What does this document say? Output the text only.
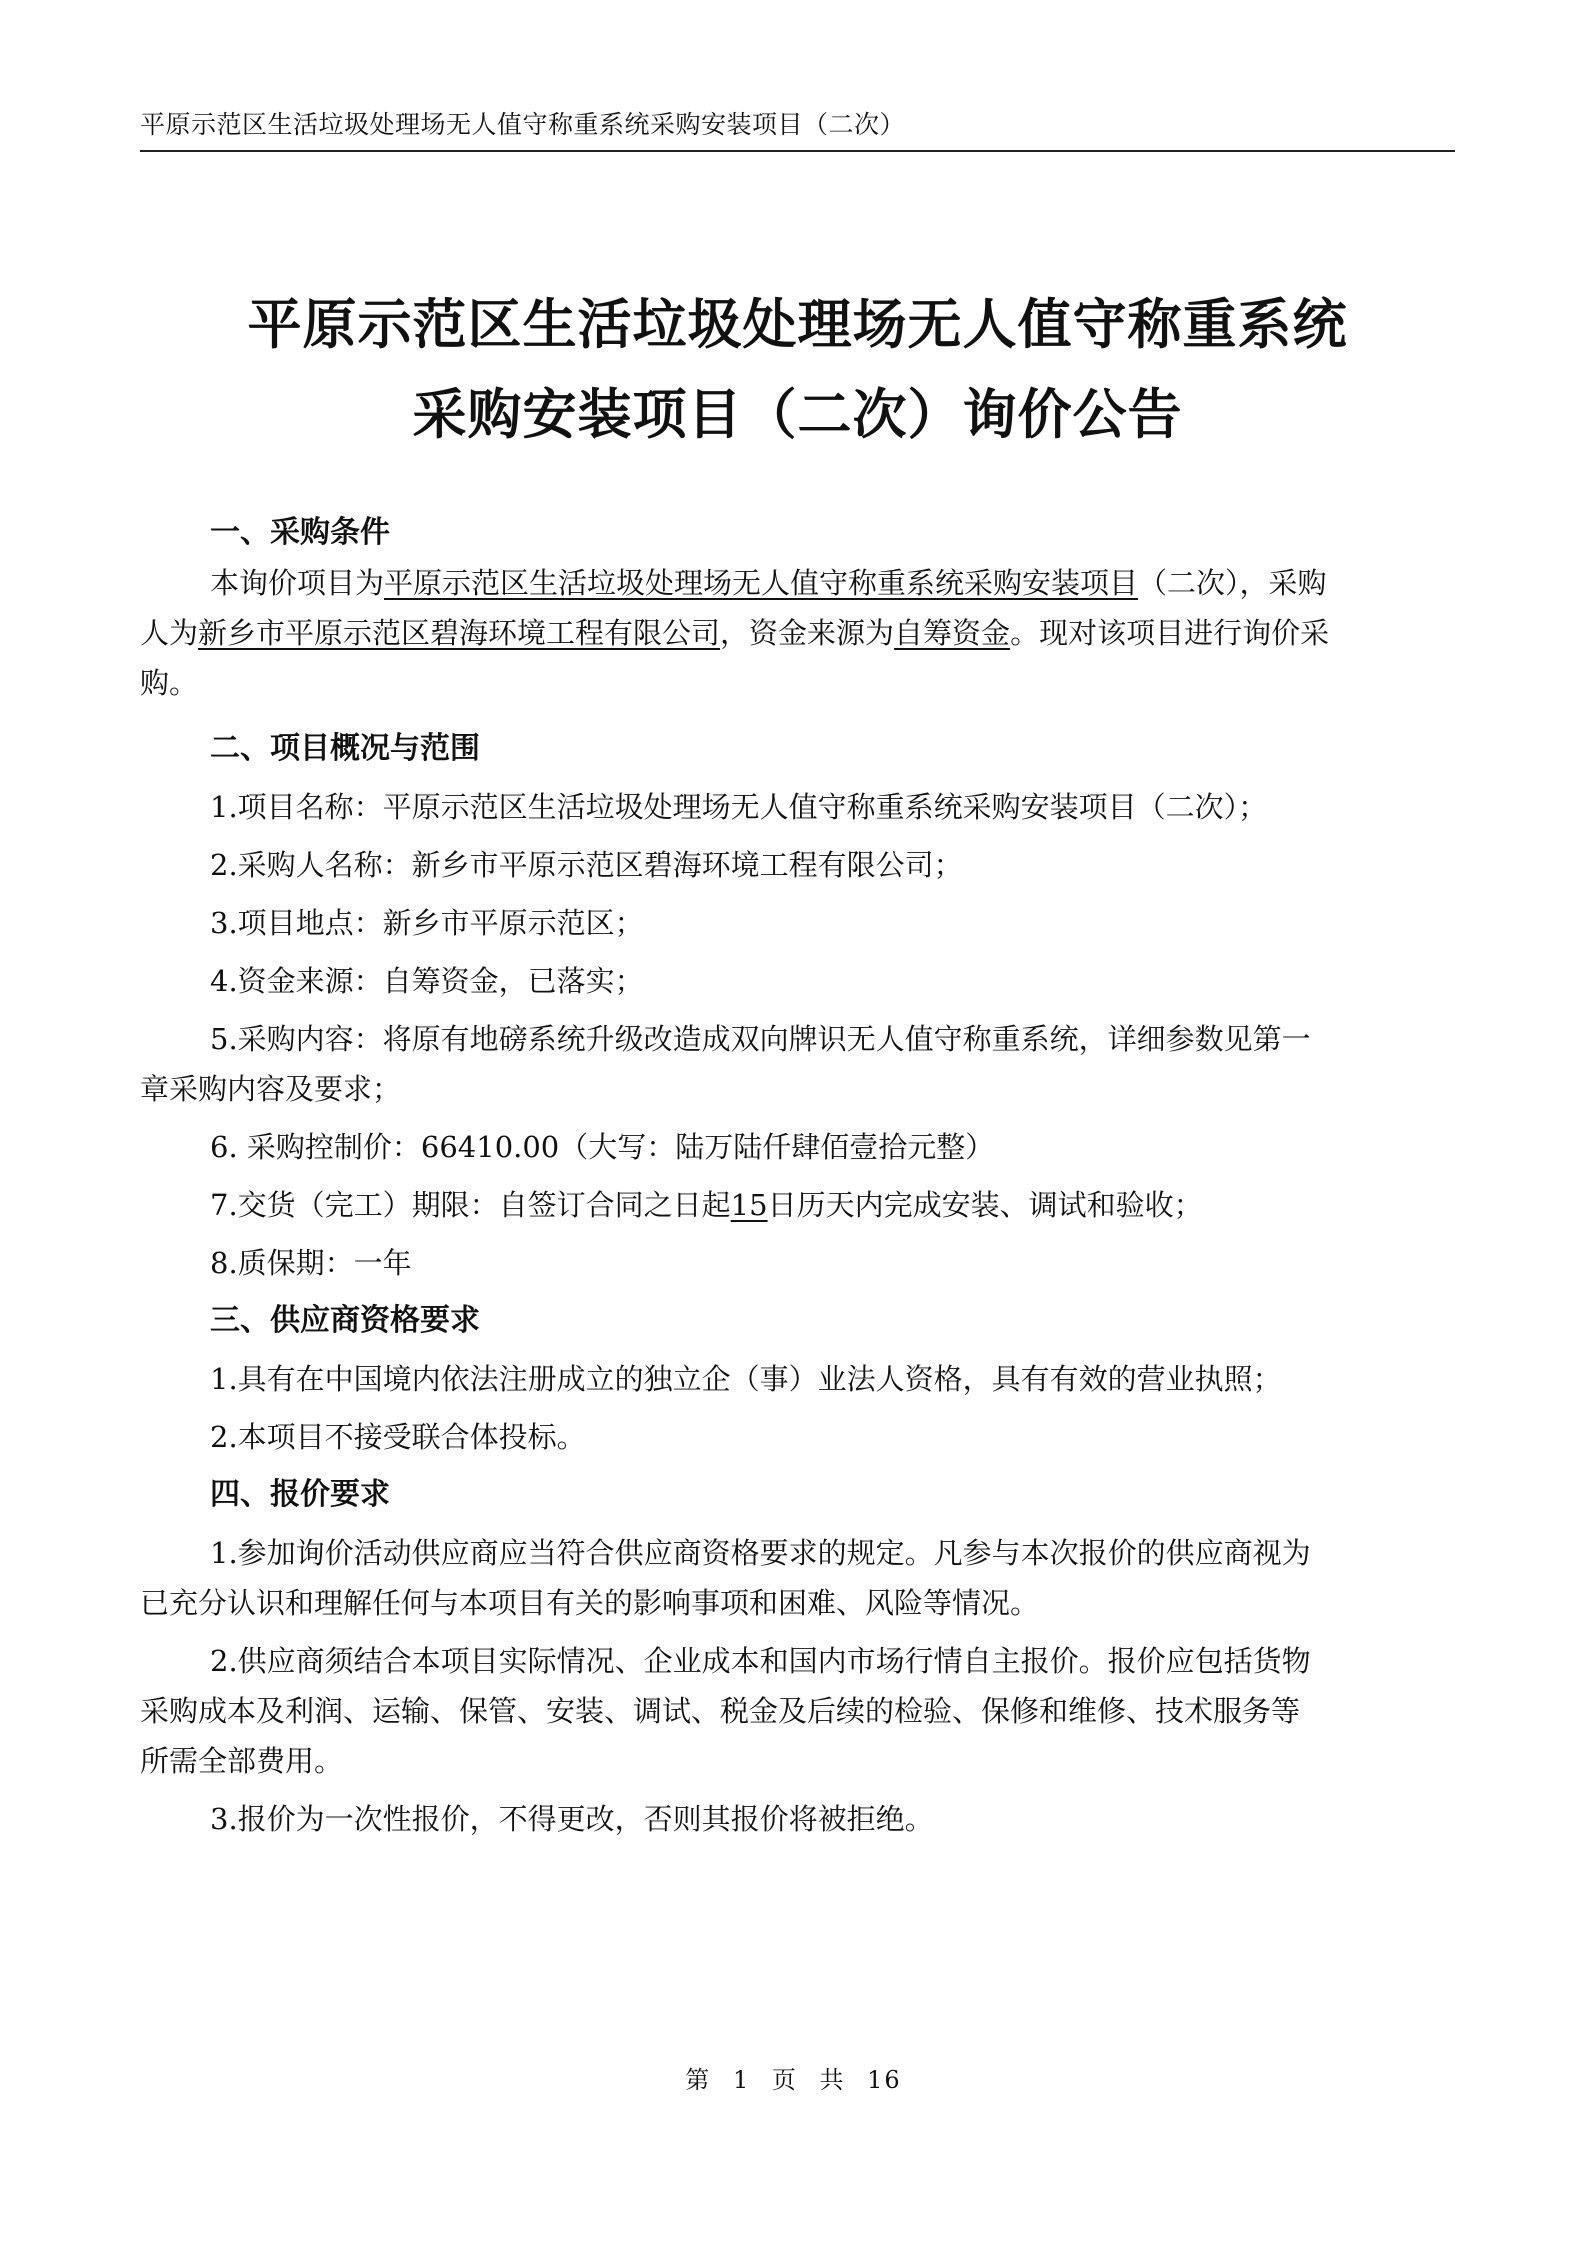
平原示范区生活垃圾处理场无人值守称重系统采购安装项目（二次）
平原示范区生活垃圾处理场无人值守称重系统
采购安装项目（二次）询价公告

一、采购条件

本询价项目为平原示范区生活垃圾处理场无人值守称重系统采购安装项目（二次），采购

人为新乡市平原示范区碧海环境工程有限公司，资金来源为自筹资金。现对该项目进行询价采

购。

二、项目概况与范围

1.项目名称：平原示范区生活垃圾处理场无人值守称重系统采购安装项目（二次）；

2.采购人名称：新乡市平原示范区碧海环境工程有限公司；

3.项目地点：新乡市平原示范区；

4.资金来源：自筹资金，已落实；

5.采购内容：将原有地磅系统升级改造成双向牌识无人值守称重系统，详细参数见第一

章采购内容及要求；

6. 采购控制价：66410.00（大写：陆万陆仟肆佰壹拾元整）

7.交货（完工）期限：自签订合同之日起15日历天内完成安装、调试和验收；

8.质保期：一年

三、供应商资格要求

1.具有在中国境内依法注册成立的独立企（事）业法人资格，具有有效的营业执照；

2.本项目不接受联合体投标。

四、报价要求

1.参加询价活动供应商应当符合供应商资格要求的规定。凡参与本次报价的供应商视为

已充分认识和理解任何与本项目有关的影响事项和困难、风险等情况。

2.供应商须结合本项目实际情况、企业成本和国内市场行情自主报价。报价应包括货物

采购成本及利润、运输、保管、安装、调试、税金及后续的检验、保修和维修、技术服务等

所需全部费用。

3.报价为一次性报价，不得更改，否则其报价将被拒绝。

第 1 页 共 16
